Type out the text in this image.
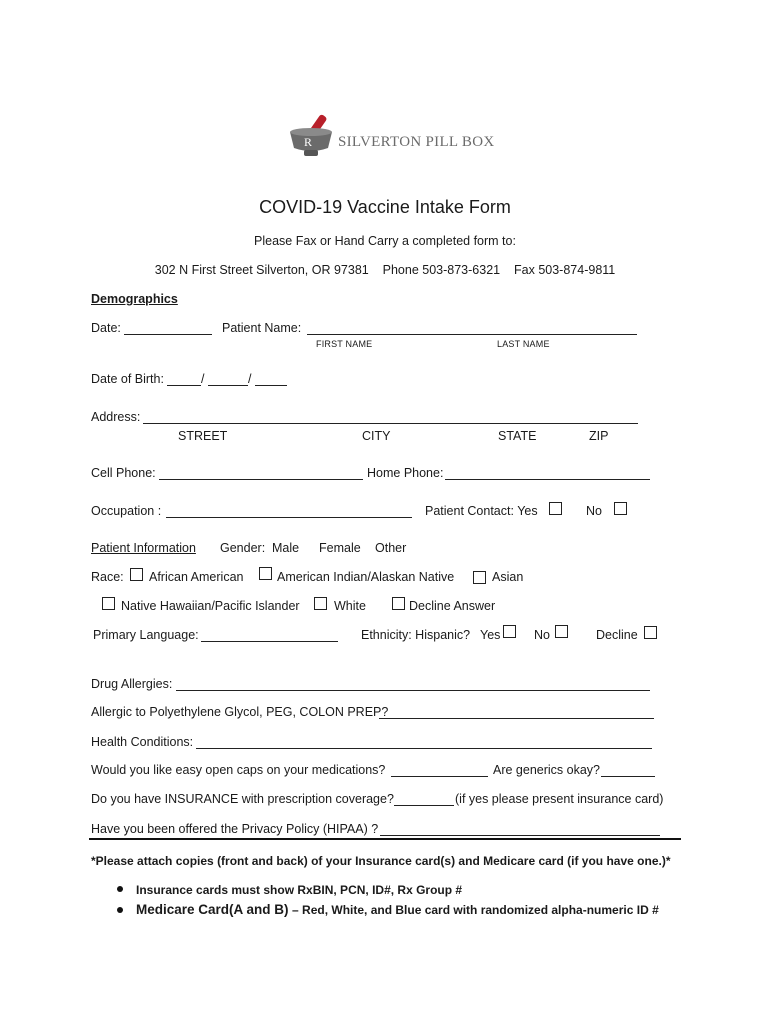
R SILVERTON PILL BOX
COVID-19 Vaccine Intake Form
Please Fax or Hand Carry a completed form to:
302 N First Street Silverton, OR 97381 Phone 503-873-6321 Fax 503-874-9811
Demographics
Date:	Patient Name:
FIRST NAME	LAST NAME
Date of Birth:	/	/
Address:
STREET	CITY	STATE	ZIP
Cell Phone:	Home Phone:
Occupation :	Patient Contact: Yes	No
Patient Information Gender: Male Female Other
Race: African American	American Indian/Alaskan Native	Asian
Native Hawaiian/Pacific Islander	White	Decline Answer
Primary Language:	Ethnicity: Hispanic? Yes	No	Decline
Drug Allergies:
Allergic to Polyethylene Glycol, PEG, COLON PREP?
Health Conditions:
Would you like easy open caps on your medications?	Are generics okay?
Do you have INSURANCE with prescription coverage?	(if yes please present insurance card)
Have you been offered the Privacy Policy (HIPAA) ?
*Please attach copies (front and back) of your Insurance card(s) and Medicare card (if you have one.)*
Insurance cards must show RxBIN, PCN, ID#, Rx Group #
Medicare Card(A and B) – Red, White, and Blue card with randomized alpha-numeric ID #
